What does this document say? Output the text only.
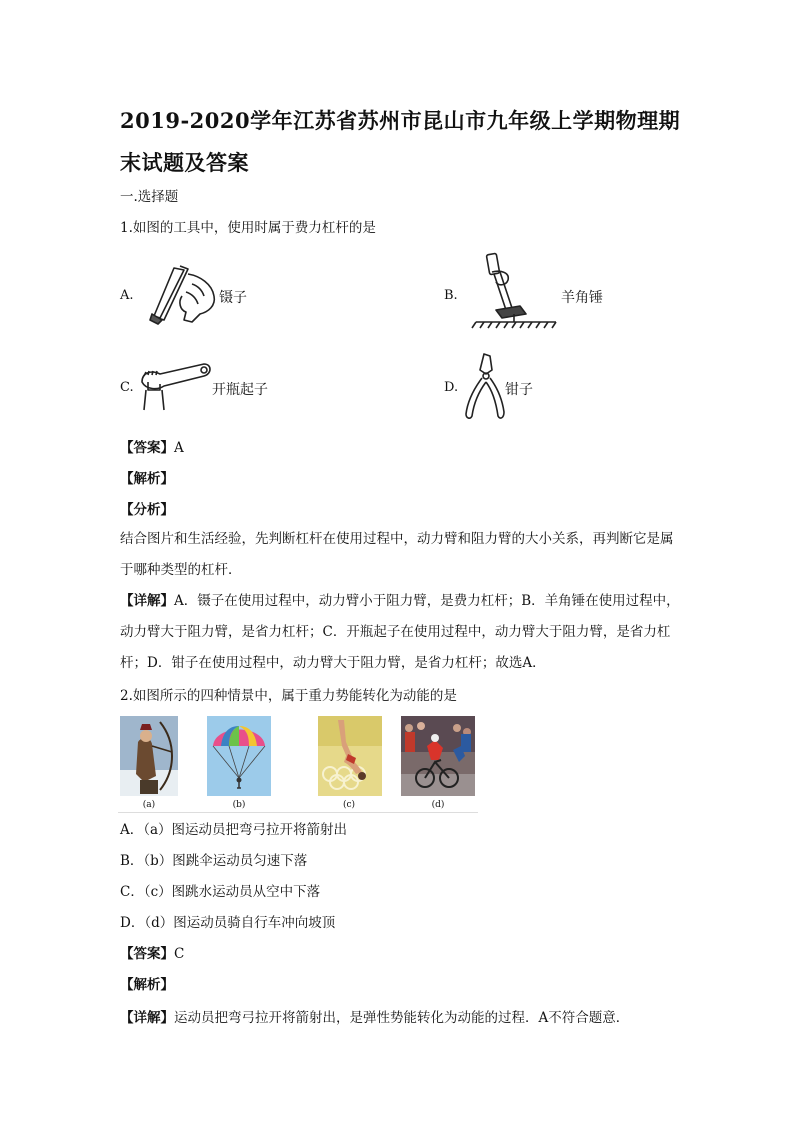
2019-2020学年江苏省苏州市昆山市九年级上学期物理期末试题及答案
一.选择题
1.如图的工具中，使用时属于费力杠杆的是
A.	镊子	B.	羊角锤
C.	开瓶起子	D.	钳子
【答案】A
【解析】
【分析】
结合图片和生活经验，先判断杠杆在使用过程中，动力臂和阻力臂的大小关系，再判断它是属于哪种类型的杠杆．
【详解】A．镊子在使用过程中，动力臂小于阻力臂，是费力杠杆；B．羊角锤在使用过程中，动力臂大于阻力臂，是省力杠杆；C．开瓶起子在使用过程中，动力臂大于阻力臂，是省力杠杆；D．钳子在使用过程中，动力臂大于阻力臂，是省力杠杆；故选A．
2.如图所示的四种情景中，属于重力势能转化为动能的是
(a)	(b)	(c)	(d)
A．（a）图运动员把弯弓拉开将箭射出
B．（b）图跳伞运动员匀速下落
C．（c）图跳水运动员从空中下落
D．（d）图运动员骑自行车冲向坡顶
【答案】C
【解析】
【详解】运动员把弯弓拉开将箭射出，是弹性势能转化为动能的过程．A不符合题意．
